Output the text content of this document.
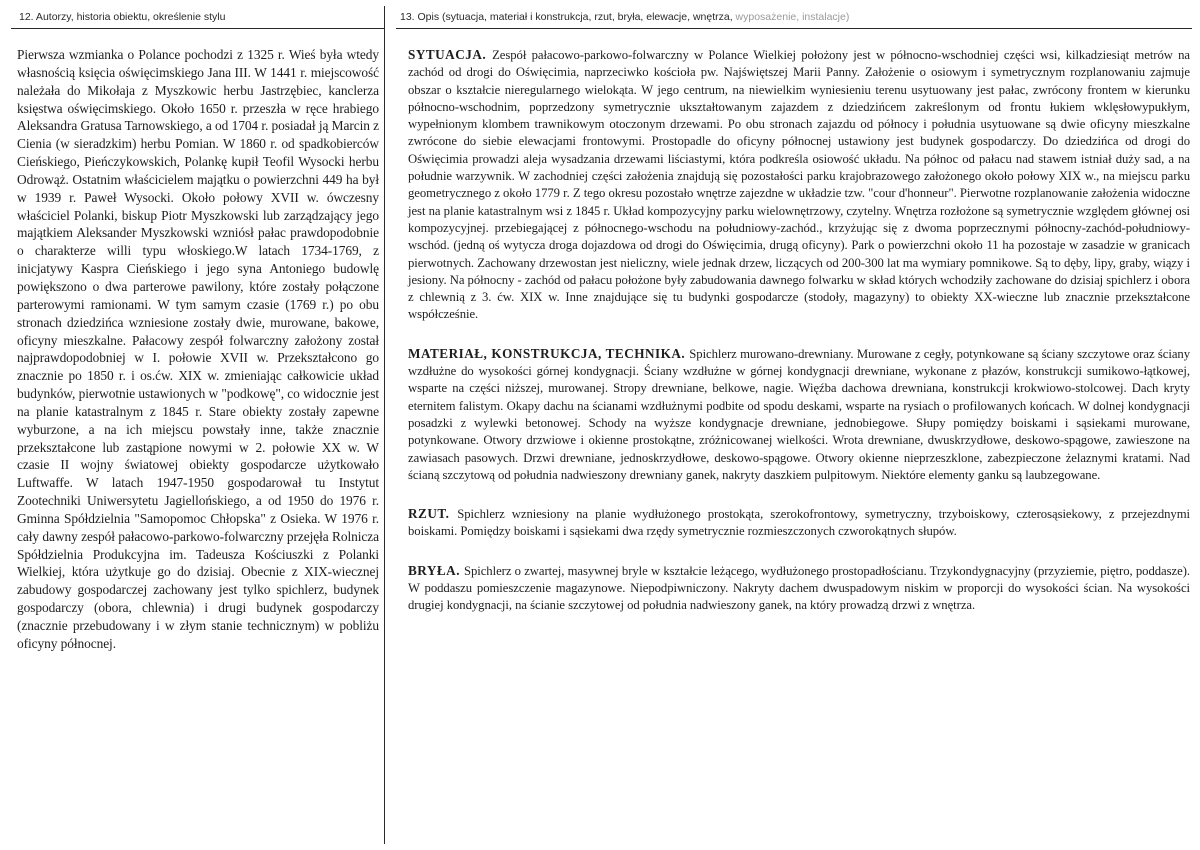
12. Autorzy, historia obiektu, określenie stylu
Pierwsza wzmianka o Polance pochodzi z 1325 r. Wieś była wtedy własnością księcia oświęcimskiego Jana III. W 1441 r. miejscowość należała do Mikołaja z Myszkowic herbu Jastrzębiec, kanclerza księstwa oświęcimskiego. Około 1650 r. przeszła w ręce hrabiego Aleksandra Gratusa Tarnowskiego, a od 1704 r. posiadał ją Marcin z Cienia (w sieradzkim) herbu Pomian. W 1860 r. od spadkobierców Cieńskiego, Pieńczykowskich, Polankę kupił Teofil Wysocki herbu Odrowąż. Ostatnim właścicielem majątku o powierzchni 449 ha był w 1939 r. Paweł Wysocki. Około połowy XVII w. ówczesny właściciel Polanki, biskup Piotr Myszkowski lub zarządzający jego majątkiem Aleksander Myszkowski wzniósł pałac prawdopodobnie o charakterze willi typu włoskiego.W latach 1734-1769, z inicjatywy Kaspra Cieńskiego i jego syna Antoniego budowlę powiększono o dwa parterowe pawilony, które zostały połączone parterowymi ramionami. W tym samym czasie (1769 r.) po obu stronach dziedzińca wzniesione zostały dwie, murowane, bakowe, oficyny mieszkalne. Pałacowy zespół folwarczny założony został najprawdopodobniej w I. połowie XVII w. Przekształcono go znacznie po 1850 r. i os.ćw. XIX w. zmieniając całkowicie układ budynków, pierwotnie ustawionych w "podkowę", co widocznie jest na planie katastralnym z 1845 r. Stare obiekty zostały zapewne wyburzone, a na ich miejscu powstały inne, także znacznie przekształcone lub zastąpione nowymi w 2. połowie XX w. W czasie II wojny światowej obiekty gospodarcze użytkowało Luftwaffe. W latach 1947-1950 gospodarował tu Instytut Zootechniki Uniwersytetu Jagiellońskiego, a od 1950 do 1976 r. Gminna Spółdzielnia "Samopomoc Chłopska" z Osieka. W 1976 r. cały dawny zespół pałacowo-parkowo-folwarczny przejęła Rolnicza Spółdzielnia Produkcyjna im. Tadeusza Kościuszki z Polanki Wielkiej, która użytkuje go do dzisiaj. Obecnie z XIX-wiecznej zabudowy gospodarczej zachowany jest tylko spichlerz, budynek gospodarczy (obora, chlewnia) i drugi budynek gospodarczy (znacznie przebudowany i w złym stanie technicznym) w pobliżu oficyny północnej.
13. Opis (sytuacja, materiał i konstrukcja, rzut, bryła, elewacje, wnętrza, wyposażenie, instalacje)

SYTUACJA. Zespół pałacowo-parkowo-folwarczny w Polance Wielkiej położony jest w północno-wschodniej części wsi, kilkadziesiąt metrów na zachód od drogi do Oświęcimia, naprzeciwko kościoła pw. Najświętszej Marii Panny. Założenie o osiowym i symetrycznym rozplanowaniu zajmuje obszar o kształcie nieregularnego wielokąta. W jego centrum, na niewielkim wyniesieniu terenu usytuowany jest pałac, zwrócony frontem w kierunku północno-wschodnim, poprzedzony symetrycznie ukształtowanym zajazdem z dziedzińcem zakreślonym od frontu łukiem wklęsłowypukłym, wypełnionym klombem trawnikowym otoczonym drzewami. Po obu stronach zajazdu od północy i południa usytuowane są dwie oficyny mieszkalne zwrócone do siebie elewacjami frontowymi. Prostopadle do oficyny północnej ustawiony jest budynek gospodarczy. Do dziedzińca od drogi do Oświęcimia prowadzi aleja wysadzania drzewami liściastymi, która podkreśla osiowość układu. Na północ od pałacu nad stawem istniał duży sad, a na południe warzywnik. W zachodniej części założenia znajdują się pozostałości parku krajobrazowego założonego około połowy XIX w., na miejscu parku geometrycznego z około 1779 r. Z tego okresu pozostało wnętrze zajezdne w układzie tzw. "cour d'honneur". Pierwotne rozplanowanie założenia widoczne jest na planie katastralnym wsi z 1845 r. Układ kompozycyjny parku wielownętrzowy, czytelny. Wnętrza rozłożone są symetrycznie względem głównej osi kompozycyjnej. przebiegającej z północnego-wschodu na południowy-zachód., krzyżując się z dwoma poprzecznymi północny-zachód-południowy-wschód. (jedną oś wytycza droga dojazdowa od drogi do Oświęcimia, drugą oficyny). Park o powierzchni około 11 ha pozostaje w zasadzie w granicach pierwotnych. Zachowany drzewostan jest nieliczny, wiele jednak drzew, liczących od 200-300 lat ma wymiary pomnikowe. Są to dęby, lipy, graby, wiązy i jesiony. Na północny - zachód od pałacu położone były zabudowania dawnego folwarku w skład których wchodziły zachowane do dzisiaj spichlerz i obora z chlewnią z 3. ćw. XIX w. Inne znajdujące się tu budynki gospodarcze (stodoły, magazyny) to obiekty XX-wieczne lub znacznie przekształcone współcześnie.

MATERIAŁ, KONSTRUKCJA, TECHNIKA. Spichlerz murowano-drewniany. Murowane z cegły, potynkowane są ściany szczytowe oraz ściany wzdłużne do wysokości górnej kondygnacji. Ściany wzdłużne w górnej kondygnacji drewniane, wykonane z płazów, konstrukcji sumikowo-łątkowej, wsparte na części niższej, murowanej. Stropy drewniane, belkowe, nagie. Więźba dachowa drewniana, konstrukcji krokwiowo-stolcowej. Dach kryty eternitem falistym. Okapy dachu na ścianami wzdłużnymi podbite od spodu deskami, wsparte na rysiach o profilowanych końcach. W dolnej kondygnacji posadzki z wylewki betonowej. Schody na wyższe kondygnacje drewniane, jednobiegowe. Słupy pomiędzy boiskami i sąsiekami murowane, potynkowane. Otwory drzwiowe i okienne prostokątne, zróżnicowanej wielkości. Wrota drewniane, dwuskrzydłowe, deskowo-spągowe, zawieszone na zawiasach pasowych. Drzwi drewniane, jednoskrzydłowe, deskowo-spągowe. Otwory okienne nieprzeszklone, zabezpieczone żelaznymi kratami. Nad ścianą szczytową od południa nadwieszony drewniany ganek, nakryty daszkiem pulpitowym. Niektóre elementy ganku są laubzegowane.

RZUT. Spichlerz wzniesiony na planie wydłużonego prostokąta, szerokofrontowy, symetryczny, trzyboiskowy, czterosąsiekowy, z przejezdnymi boiskami. Pomiędzy boiskami i sąsiekami dwa rzędy symetrycznie rozmieszczonych czworokątnych słupów.

BRYŁA. Spichlerz o zwartej, masywnej bryle w kształcie leżącego, wydłużonego prostopadłościanu. Trzykondygnacyjny (przyziemie, piętro, poddasze). W poddaszu pomieszczenie magazynowe. Niepodpiwniczony. Nakryty dachem dwuspadowym niskim w proporcji do wysokości ścian. Na wysokości drugiej kondygnacji, na ścianie szczytowej od południa nadwieszony ganek, na który prowadzą drzwi z wnętrza.
